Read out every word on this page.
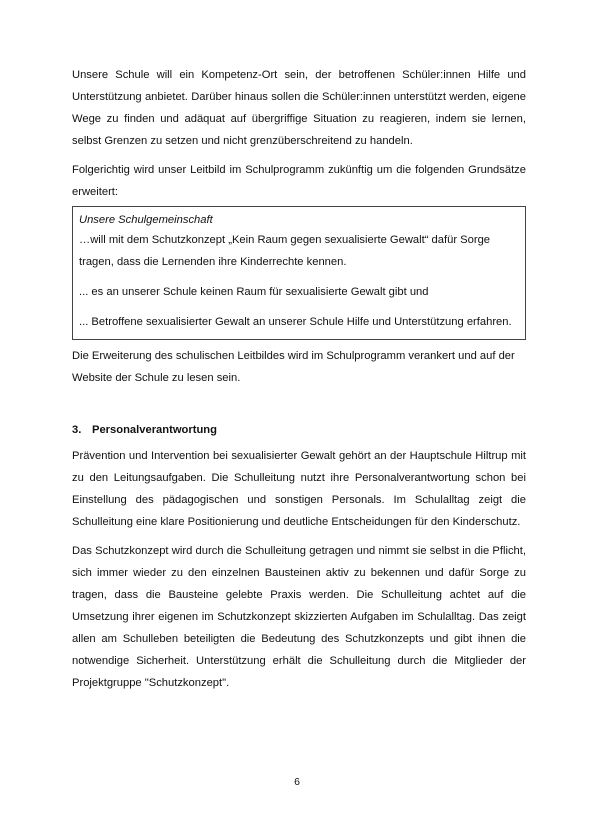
Unsere Schule will ein Kompetenz-Ort sein, der betroffenen Schüler:innen Hilfe und Unterstützung anbietet. Darüber hinaus sollen die Schüler:innen unterstützt werden, eigene Wege zu finden und adäquat auf übergriffige Situation zu reagieren, indem sie lernen, selbst Grenzen zu setzen und nicht grenzüberschreitend zu handeln.

Folgerichtig wird unser Leitbild im Schulprogramm zukünftig um die folgenden Grundsätze erweitert:

Unsere Schulgemeinschaft

…will mit dem Schutzkonzept „Kein Raum gegen sexualisierte Gewalt“ dafür Sorge tragen, dass die Lernenden ihre Kinderrechte kennen.

... es an unserer Schule keinen Raum für sexualisierte Gewalt gibt und

... Betroffene sexualisierter Gewalt an unserer Schule Hilfe und Unterstützung erfahren.

Die Erweiterung des schulischen Leitbildes wird im Schulprogramm verankert und auf der Website der Schule zu lesen sein.

3. Personalverantwortung

Prävention und Intervention bei sexualisierter Gewalt gehört an der Hauptschule Hiltrup mit zu den Leitungsaufgaben. Die Schulleitung nutzt ihre Personalverantwortung schon bei Einstellung des pädagogischen und sonstigen Personals. Im Schulalltag zeigt die Schulleitung eine klare Positionierung und deutliche Entscheidungen für den Kinderschutz.

Das Schutzkonzept wird durch die Schulleitung getragen und nimmt sie selbst in die Pflicht, sich immer wieder zu den einzelnen Bausteinen aktiv zu bekennen und dafür Sorge zu tragen, dass die Bausteine gelebte Praxis werden. Die Schulleitung achtet auf die Umsetzung ihrer eigenen im Schutzkonzept skizzierten Aufgaben im Schulalltag. Das zeigt allen am Schulleben beteiligten die Bedeutung des Schutzkonzepts und gibt ihnen die notwendige Sicherheit. Unterstützung erhält die Schulleitung durch die Mitglieder der Projektgruppe "Schutzkonzept".

6
